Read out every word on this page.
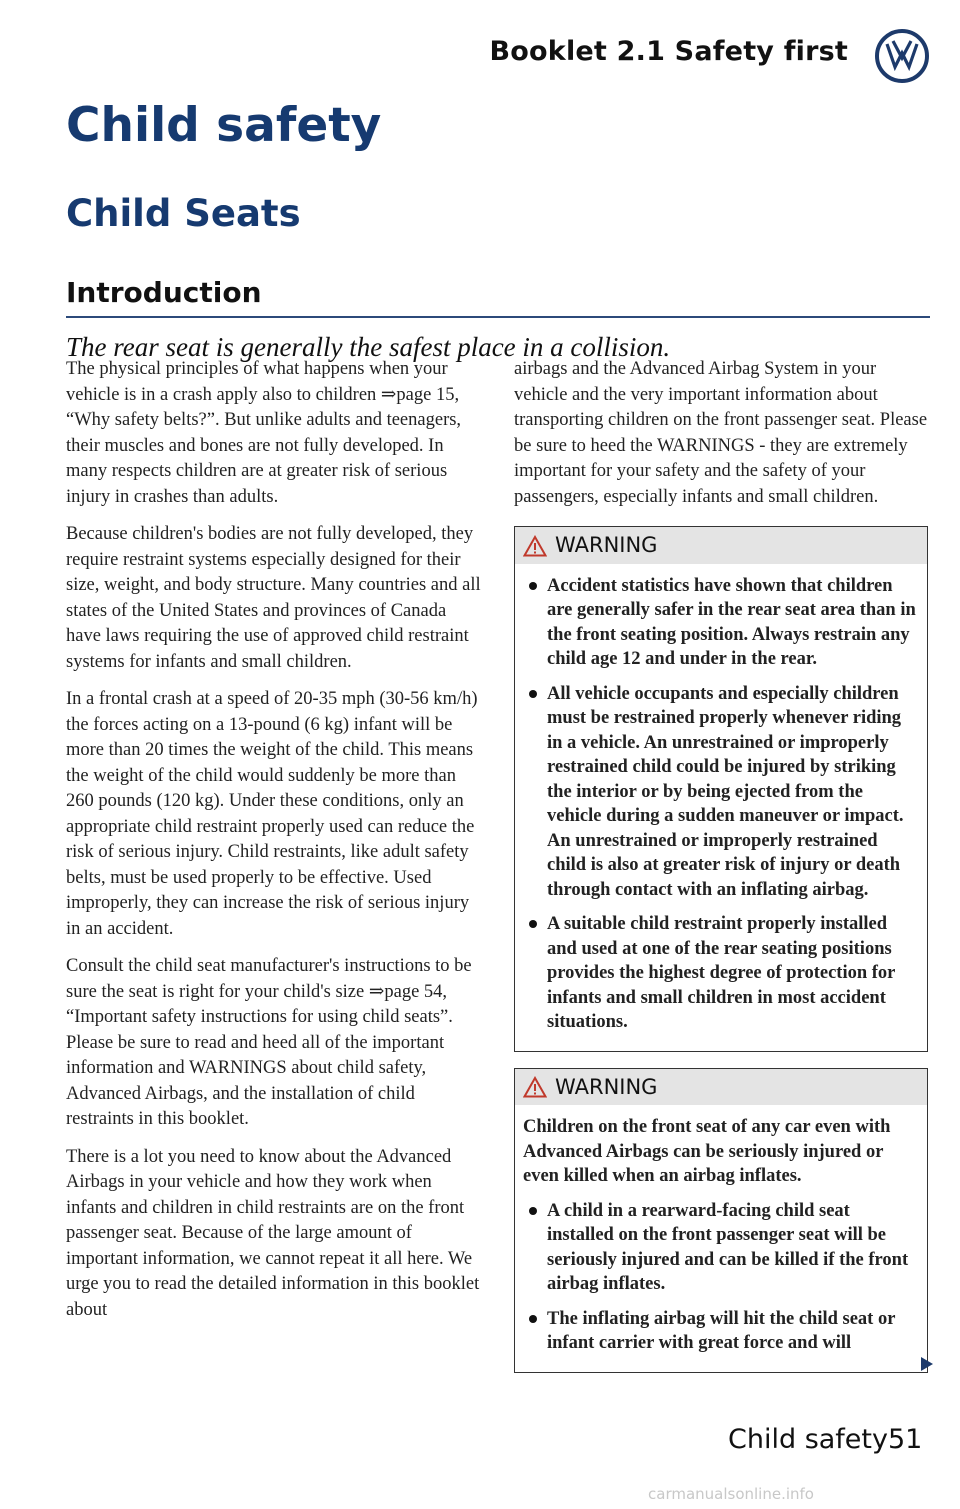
Booklet 2.1 Safety first
Child safety
Child Seats
Introduction

The rear seat is generally the safest place in a collision.

The physical principles of what happens when your vehicle is in a crash apply also to children ⇒page 15, “Why safety belts?”. But unlike adults and teenagers, their muscles and bones are not fully developed. In many respects children are at greater risk of serious injury in crashes than adults.

Because children's bodies are not fully developed, they require restraint systems especially designed for their size, weight, and body structure. Many countries and all states of the United States and provinces of Canada have laws requiring the use of approved child restraint systems for infants and small children.

In a frontal crash at a speed of 20-35 mph (30-56 km/h) the forces acting on a 13-pound (6 kg) infant will be more than 20 times the weight of the child. This means the weight of the child would suddenly be more than 260 pounds (120 kg). Under these conditions, only an appropriate child restraint properly used can reduce the risk of serious injury. Child restraints, like adult safety belts, must be used properly to be effective. Used improperly, they can increase the risk of serious injury in an accident.

Consult the child seat manufacturer's instructions to be sure the seat is right for your child's size ⇒page 54, “Important safety instructions for using child seats”. Please be sure to read and heed all of the important information and WARNINGS about child safety, Advanced Airbags, and the installation of child restraints in this booklet.

There is a lot you need to know about the Advanced Airbags in your vehicle and how they work when infants and children in child restraints are on the front passenger seat. Because of the large amount of important information, we cannot repeat it all here. We urge you to read the detailed information in this booklet about

airbags and the Advanced Airbag System in your vehicle and the very important information about transporting children on the front passenger seat. Please be sure to heed the WARNINGS - they are extremely important for your safety and the safety of your passengers, especially infants and small children.

WARNING

Accident statistics have shown that children are generally safer in the rear seat area than in the front seating position. Always restrain any child age 12 and under in the rear.

All vehicle occupants and especially children must be restrained properly whenever riding in a vehicle. An unrestrained or improperly restrained child could be injured by striking the interior or by being ejected from the vehicle during a sudden maneuver or impact. An unrestrained or improperly restrained child is also at greater risk of injury or death through contact with an inflating airbag.

A suitable child restraint properly installed and used at one of the rear seating positions provides the highest degree of protection for infants and small children in most accident situations.

WARNING

Children on the front seat of any car even with Advanced Airbags can be seriously injured or even killed when an airbag inflates.

A child in a rearward-facing child seat installed on the front passenger seat will be seriously injured and can be killed if the front airbag inflates.

The inflating airbag will hit the child seat or infant carrier with great force and will

Child safety 51
carmanualsonline.info
